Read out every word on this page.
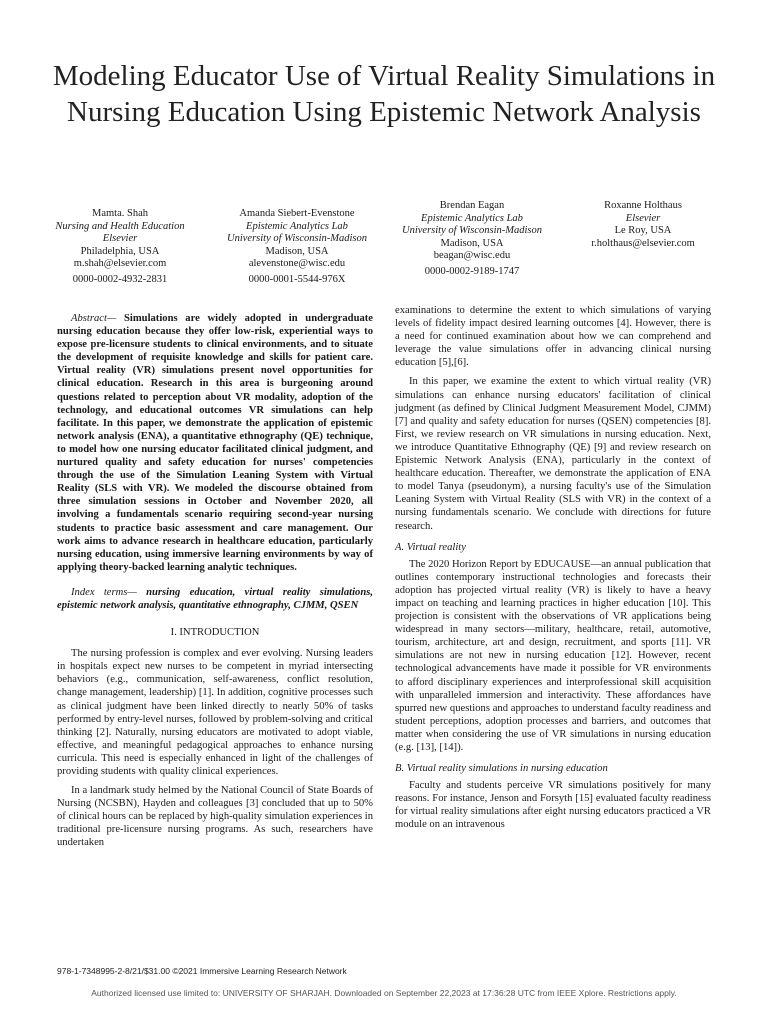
Modeling Educator Use of Virtual Reality Simulations in Nursing Education Using Epistemic Network Analysis
Mamta. Shah
Nursing and Health Education
Elsevier
Philadelphia, USA
m.shah@elsevier.com
0000-0002-4932-2831
Amanda Siebert-Evenstone
Epistemic Analytics Lab
University of Wisconsin-Madison
Madison, USA
alevenstone@wisc.edu
0000-0001-5544-976X
Brendan Eagan
Epistemic Analytics Lab
University of Wisconsin-Madison
Madison, USA
beagan@wisc.edu
0000-0002-9189-1747
Roxanne Holthaus
Elsevier
Le Roy, USA
r.holthaus@elsevier.com

Abstract— Simulations are widely adopted in undergraduate nursing education because they offer low-risk, experiential ways to expose pre-licensure students to clinical environments, and to situate the development of requisite knowledge and skills for patient care. Virtual reality (VR) simulations present novel opportunities for clinical education. Research in this area is burgeoning around questions related to perception about VR modality, adoption of the technology, and educational outcomes VR simulations can help facilitate. In this paper, we demonstrate the application of epistemic network analysis (ENA), a quantitative ethnography (QE) technique, to model how one nursing educator facilitated clinical judgment, and nurtured quality and safety education for nurses' competencies through the use of the Simulation Leaning System with Virtual Reality (SLS with VR). We modeled the discourse obtained from three simulation sessions in October and November 2020, all involving a fundamentals scenario requiring second-year nursing students to practice basic assessment and care management. Our work aims to advance research in healthcare education, particularly nursing education, using immersive learning environments by way of applying theory-backed learning analytic techniques.

Index terms— nursing education, virtual reality simulations, epistemic network analysis, quantitative ethnography, CJMM, QSEN

I. INTRODUCTION

The nursing profession is complex and ever evolving. Nursing leaders in hospitals expect new nurses to be competent in myriad intersecting behaviors (e.g., communication, self-awareness, conflict resolution, change management, leadership) [1]. In addition, cognitive processes such as clinical judgment have been linked directly to nearly 50% of tasks performed by entry-level nurses, followed by problem-solving and critical thinking [2]. Naturally, nursing educators are motivated to adopt viable, effective, and meaningful pedagogical approaches to enhance nursing curricula. This need is especially enhanced in light of the challenges of providing students with quality clinical experiences.

In a landmark study helmed by the National Council of State Boards of Nursing (NCSBN), Hayden and colleagues [3] concluded that up to 50% of clinical hours can be replaced by high-quality simulation experiences in traditional pre-licensure nursing programs. As such, researchers have undertaken

examinations to determine the extent to which simulations of varying levels of fidelity impact desired learning outcomes [4]. However, there is a need for continued examination about how we can comprehend and leverage the value simulations offer in advancing clinical nursing education [5],[6].

In this paper, we examine the extent to which virtual reality (VR) simulations can enhance nursing educators' facilitation of clinical judgment (as defined by Clinical Judgment Measurement Model, CJMM) [7] and quality and safety education for nurses (QSEN) competencies [8]. First, we review research on VR simulations in nursing education. Next, we introduce Quantitative Ethnography (QE) [9] and review research on Epistemic Network Analysis (ENA), particularly in the context of healthcare education. Thereafter, we demonstrate the application of ENA to model Tanya (pseudonym), a nursing faculty's use of the Simulation Leaning System with Virtual Reality (SLS with VR) in the context of a nursing fundamentals scenario. We conclude with directions for future research.

A. Virtual reality

The 2020 Horizon Report by EDUCAUSE—an annual publication that outlines contemporary instructional technologies and forecasts their adoption has projected virtual reality (VR) is likely to have a heavy impact on teaching and learning practices in higher education [10]. This projection is consistent with the observations of VR applications being widespread in many sectors—military, healthcare, retail, automotive, tourism, architecture, art and design, recruitment, and sports [11]. VR simulations are not new in nursing education [12]. However, recent technological advancements have made it possible for VR environments to afford disciplinary experiences and interprofessional skill acquisition with unparalleled immersion and interactivity. These affordances have spurred new questions and approaches to understand faculty readiness and student perceptions, adoption processes and barriers, and outcomes that matter when considering the use of VR simulations in nursing education (e.g. [13], [14]).

B. Virtual reality simulations in nursing education

Faculty and students perceive VR simulations positively for many reasons. For instance, Jenson and Forsyth [15] evaluated faculty readiness for virtual reality simulations after eight nursing educators practiced a VR module on an intravenous

978-1-7348995-2-8/21/$31.00 ©2021 Immersive Learning Research Network
Authorized licensed use limited to: UNIVERSITY OF SHARJAH. Downloaded on September 22,2023 at 17:36:28 UTC from IEEE Xplore. Restrictions apply.
